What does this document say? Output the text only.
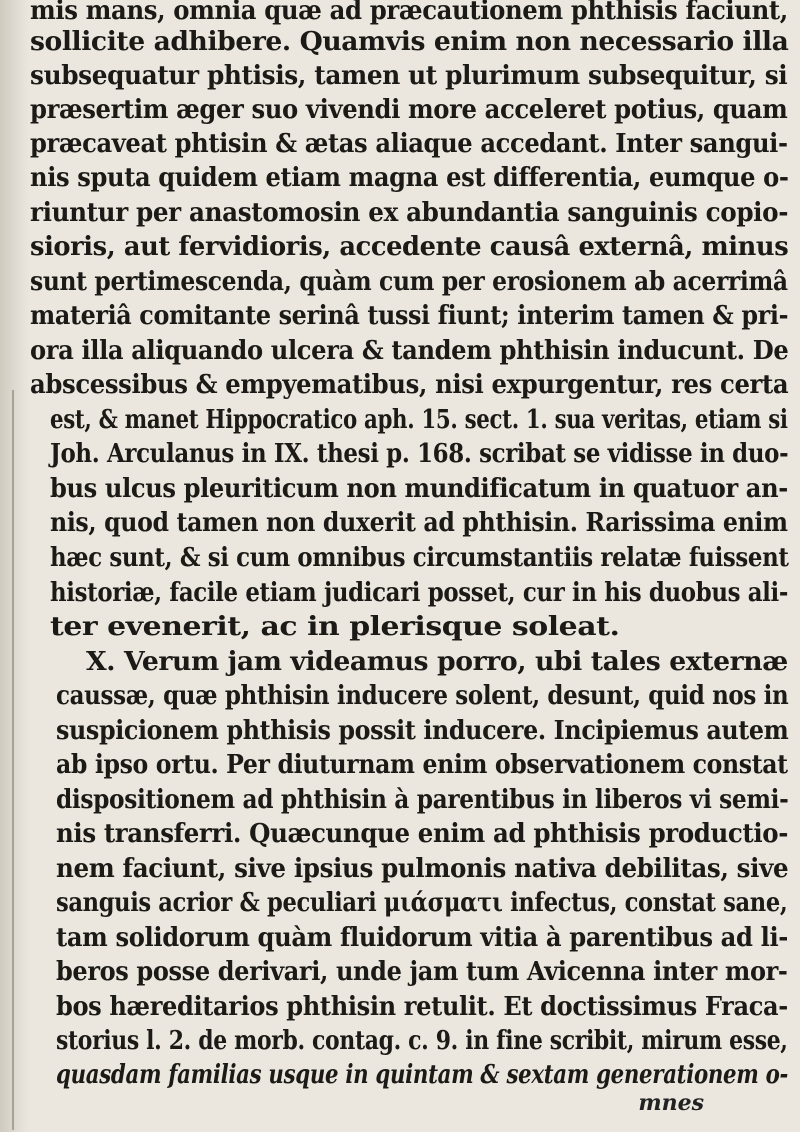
mis mans, omnia quæ ad præcautionem phthisis faciunt,
sollicite adhibere. Quamvis enim non necessario illa
subsequatur phtisis, tamen ut plurimum subsequitur, si
præsertim æger suo vivendi more acceleret potius, quam
præcaveat phtisin & ætas aliaque accedant. Inter sangui-
nis sputa quidem etiam magna est differentia, eumque o-
riuntur per anastomosin ex abundantia sanguinis copio-
sioris, aut fervidioris, accedente causâ externâ, minus
sunt pertimescenda, quàm cum per erosionem ab acerrimâ
materiâ comitante serinâ tussi fiunt; interim tamen & pri-
ora illa aliquando ulcera & tandem phthisin inducunt. De
abscessibus & empyematibus, nisi expurgentur, res certa
est, & manet Hippocratico aph. 15. sect. 1. sua veritas, etiam si
Joh. Arculanus in IX. thesi p. 168. scribat se vidisse in duo-
bus ulcus pleuriticum non mundificatum in quatuor an-
nis, quod tamen non duxerit ad phthisin. Rarissima enim
hæc sunt, & si cum omnibus circumstantiis relatæ fuissent
historiæ, facile etiam judicari posset, cur in his duobus ali-
ter evenerit, ac in plerisque soleat.
X. Verum jam videamus porro, ubi tales externæ
caussæ, quæ phthisin inducere solent, desunt, quid nos in
suspicionem phthisis possit inducere. Incipiemus autem
ab ipso ortu. Per diuturnam enim observationem constat
dispositionem ad phthisin à parentibus in liberos vi semi-
nis transferri. Quæcunque enim ad phthisis productio-
nem faciunt, sive ipsius pulmonis nativa debilitas, sive
sanguis acrior & peculiari μιάσματι infectus, constat sane,
tam solidorum quàm fluidorum vitia à parentibus ad li-
beros posse derivari, unde jam tum Avicenna inter mor-
bos hæreditarios phthisin retulit. Et doctissimus Fraca-
storius l. 2. de morb. contag. c. 9. in fine scribit, mirum esse,
quasdam familias usque in quintam & sextam generationem o-
mnes
